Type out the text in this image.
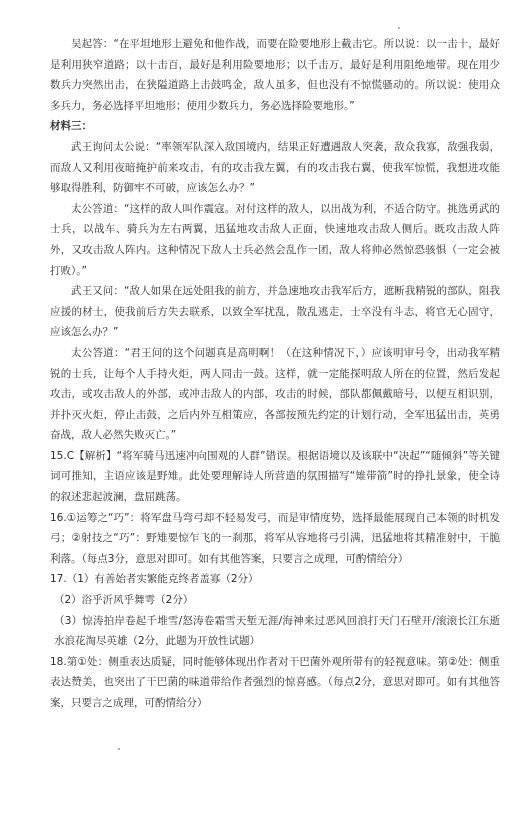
吴起答：“在平坦地形上避免和他作战，而要在险要地形上截击它。所以说：以一击十，最好是利用狭窄道路；以十击百，最好是利用险要地形；以千击万，最好是利用阻绝地带。现在用少数兵力突然出击，在狭隘道路上击鼓鸣金，敌人虽多，但也没有不惊慌骚动的。所以说：使用众多兵力，务必选择平坦地形；使用少数兵力，务必选择险要地形。”

材料三：

武王询问太公说：“率领军队深入敌国境内，结果正好遭遇敌人突袭，敌众我寡，敌强我弱，而敌人又利用夜暗掩护前来攻击，有的攻击我左翼，有的攻击我右翼，使我军惊慌，我想进攻能够取得胜利，防御牢不可破，应该怎么办？”

太公答道：“这样的敌人叫作震寇。对付这样的敌人，以出战为利，不适合防守。挑选勇武的士兵，以战车、骑兵为左右两翼，迅猛地攻击敌人正面，快速地攻击敌人侧后。既攻击敌人阵外，又攻击敌人阵内。这种情况下敌人士兵必然会乱作一团，敌人将帅必然惊恐骇惧（一定会被打败）。”

武王又问：“敌人如果在远处阻我的前方，并急速地攻击我军后方，遮断我精锐的部队，阻我应援的材士，使我前后方失去联系，以致全军扰乱，散乱逃走，士卒没有斗志，将官无心固守，应该怎么办？”

太公答道：“君王问的这个问题真是高明啊！（在这种情况下，）应该明审号令，出动我军精锐的士兵，让每个人手持火炬，两人同击一鼓。这样，就一定能探明敌人所在的位置，然后发起攻击，或攻击敌人的外部，或冲击敌人的内部，攻击的时候，部队都佩戴暗号，以便互相识别，并扑灭火炬，停止击鼓，之后内外互相策应，各部按预先约定的计划行动，全军迅猛出击，英勇奋战，敌人必然失败灭亡。”

15.C【解析】“将军骑马迅速冲向围观的人群”错误。根据语境以及该联中“决起”“随倾斜”等关键词可推知，主语应该是野雉。此处要理解诗人所营造的氛围描写“雉带箭”时的挣扎景象，使全诗的叙述悲起波澜，盘屈跳荡。

16.①运筹之“巧”：将军盘马弯弓却不轻易发弓，而是审情度势，选择最能展现自己本领的时机发弓；②射技之“巧”：野雉要惊乍飞的一刹那，将军从容地将弓引满，迅猛地将其精准射中，干脆利落。（每点3分，意思对即可。如有其他答案，只要言之成理，可酌情给分）

17.（1）有善始者实繁能克终者盖寡（2分）

（2）浴乎沂风乎舞雩（2分）

（3）惊涛拍岸卷起千堆雪/怒涛卷霜雪天堑无涯/海神来过恶风回浪打天门石壁开/滚滚长江东逝水浪花淘尽英雄（2分，此题为开放性试题）

18.第①处：侧重表达质疑，同时能够体现出作者对干巴菌外观所带有的轻视意味。第②处：侧重表达赞美，也突出了干巴菌的味道带给作者强烈的惊喜感。（每点2分，意思对即可。如有其他答案，只要言之成理，可酌情给分）
